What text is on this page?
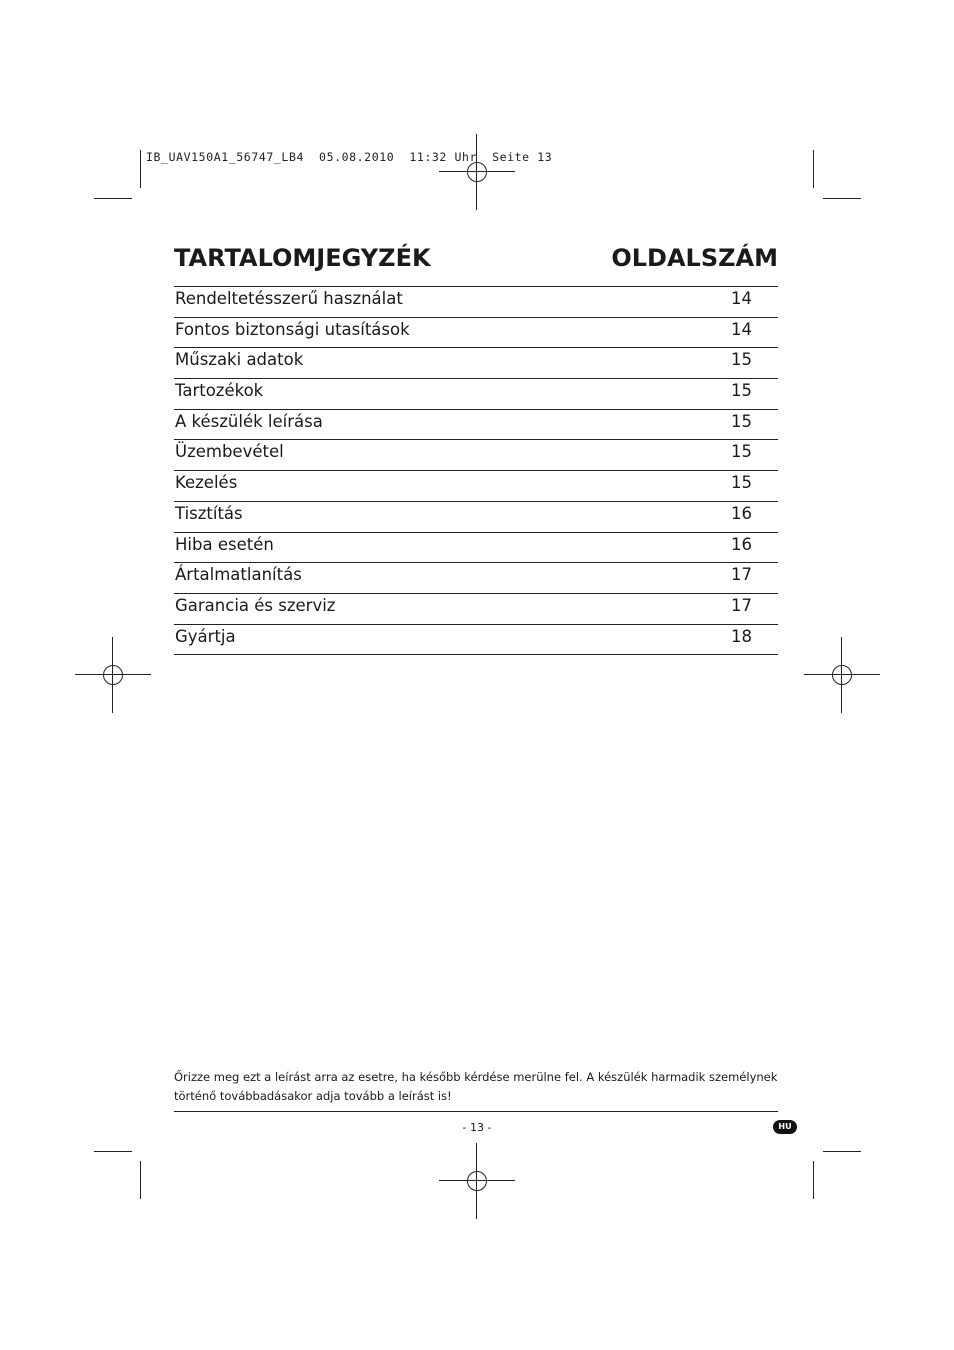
IB_UAV150A1_56747_LB4  05.08.2010  11:32 Uhr  Seite 13
TARTALOMJEGYZÉK	OLDALSZÁM
Rendeltetésszerű használat	14
Fontos biztonsági utasítások	14
Műszaki adatok	15
Tartozékok	15
A készülék leírása	15
Üzembevétel	15
Kezelés	15
Tisztítás	16
Hiba esetén	16
Ártalmatlanítás	17
Garancia és szerviz	17
Gyártja	18
Őrizze meg ezt a leírást arra az esetre, ha később kérdése merülne fel. A készülék harmadik személynek
történő továbbadásakor adja tovább a leírást is!
- 13 -	HU
